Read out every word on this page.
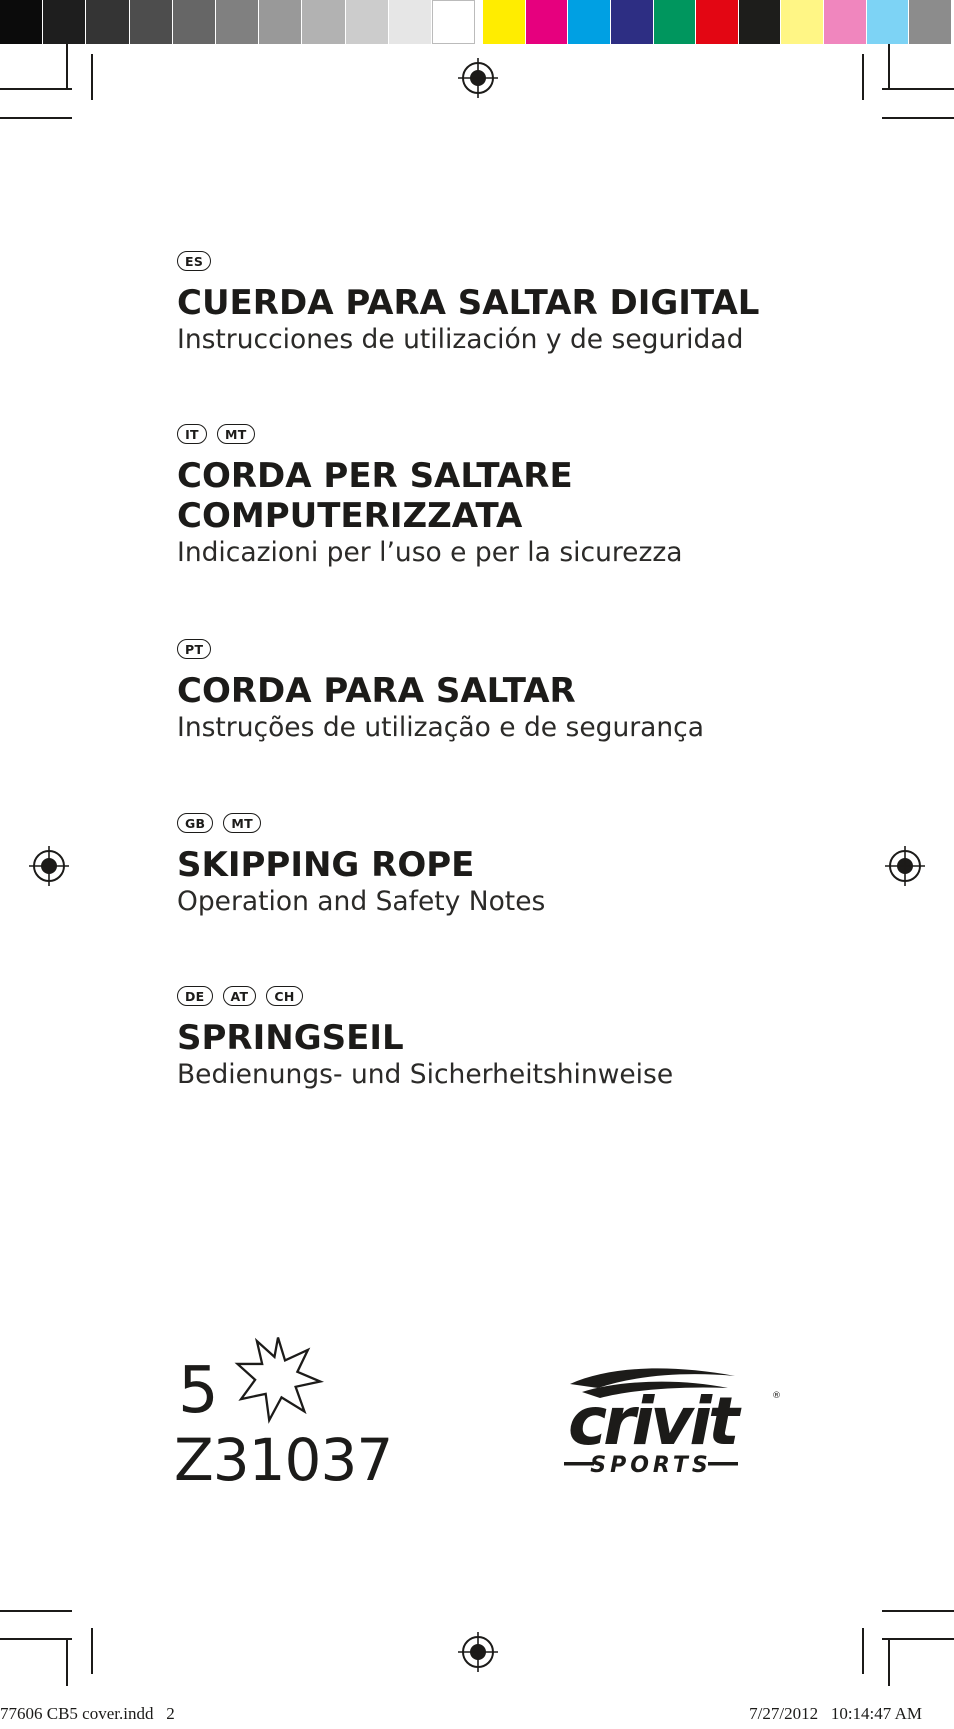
ES
CUERDA PARA SALTAR DIGITAL
Instrucciones de utilización y de seguridad
IT	MT
CORDA PER SALTARE
COMPUTERIZZATA
Indicazioni per l’uso e per la sicurezza
PT
CORDA PARA SALTAR
Instruções de utilização e de segurança
GB	MT
SKIPPING ROPE
Operation and Safety Notes
DE	AT	CH
SPRINGSEIL
Bedienungs- und Sicherheitshinweise
5
Z31037	crivit	®
SPORTS
77606 CB5 cover.indd   2	7/27/2012   10:14:47 AM
